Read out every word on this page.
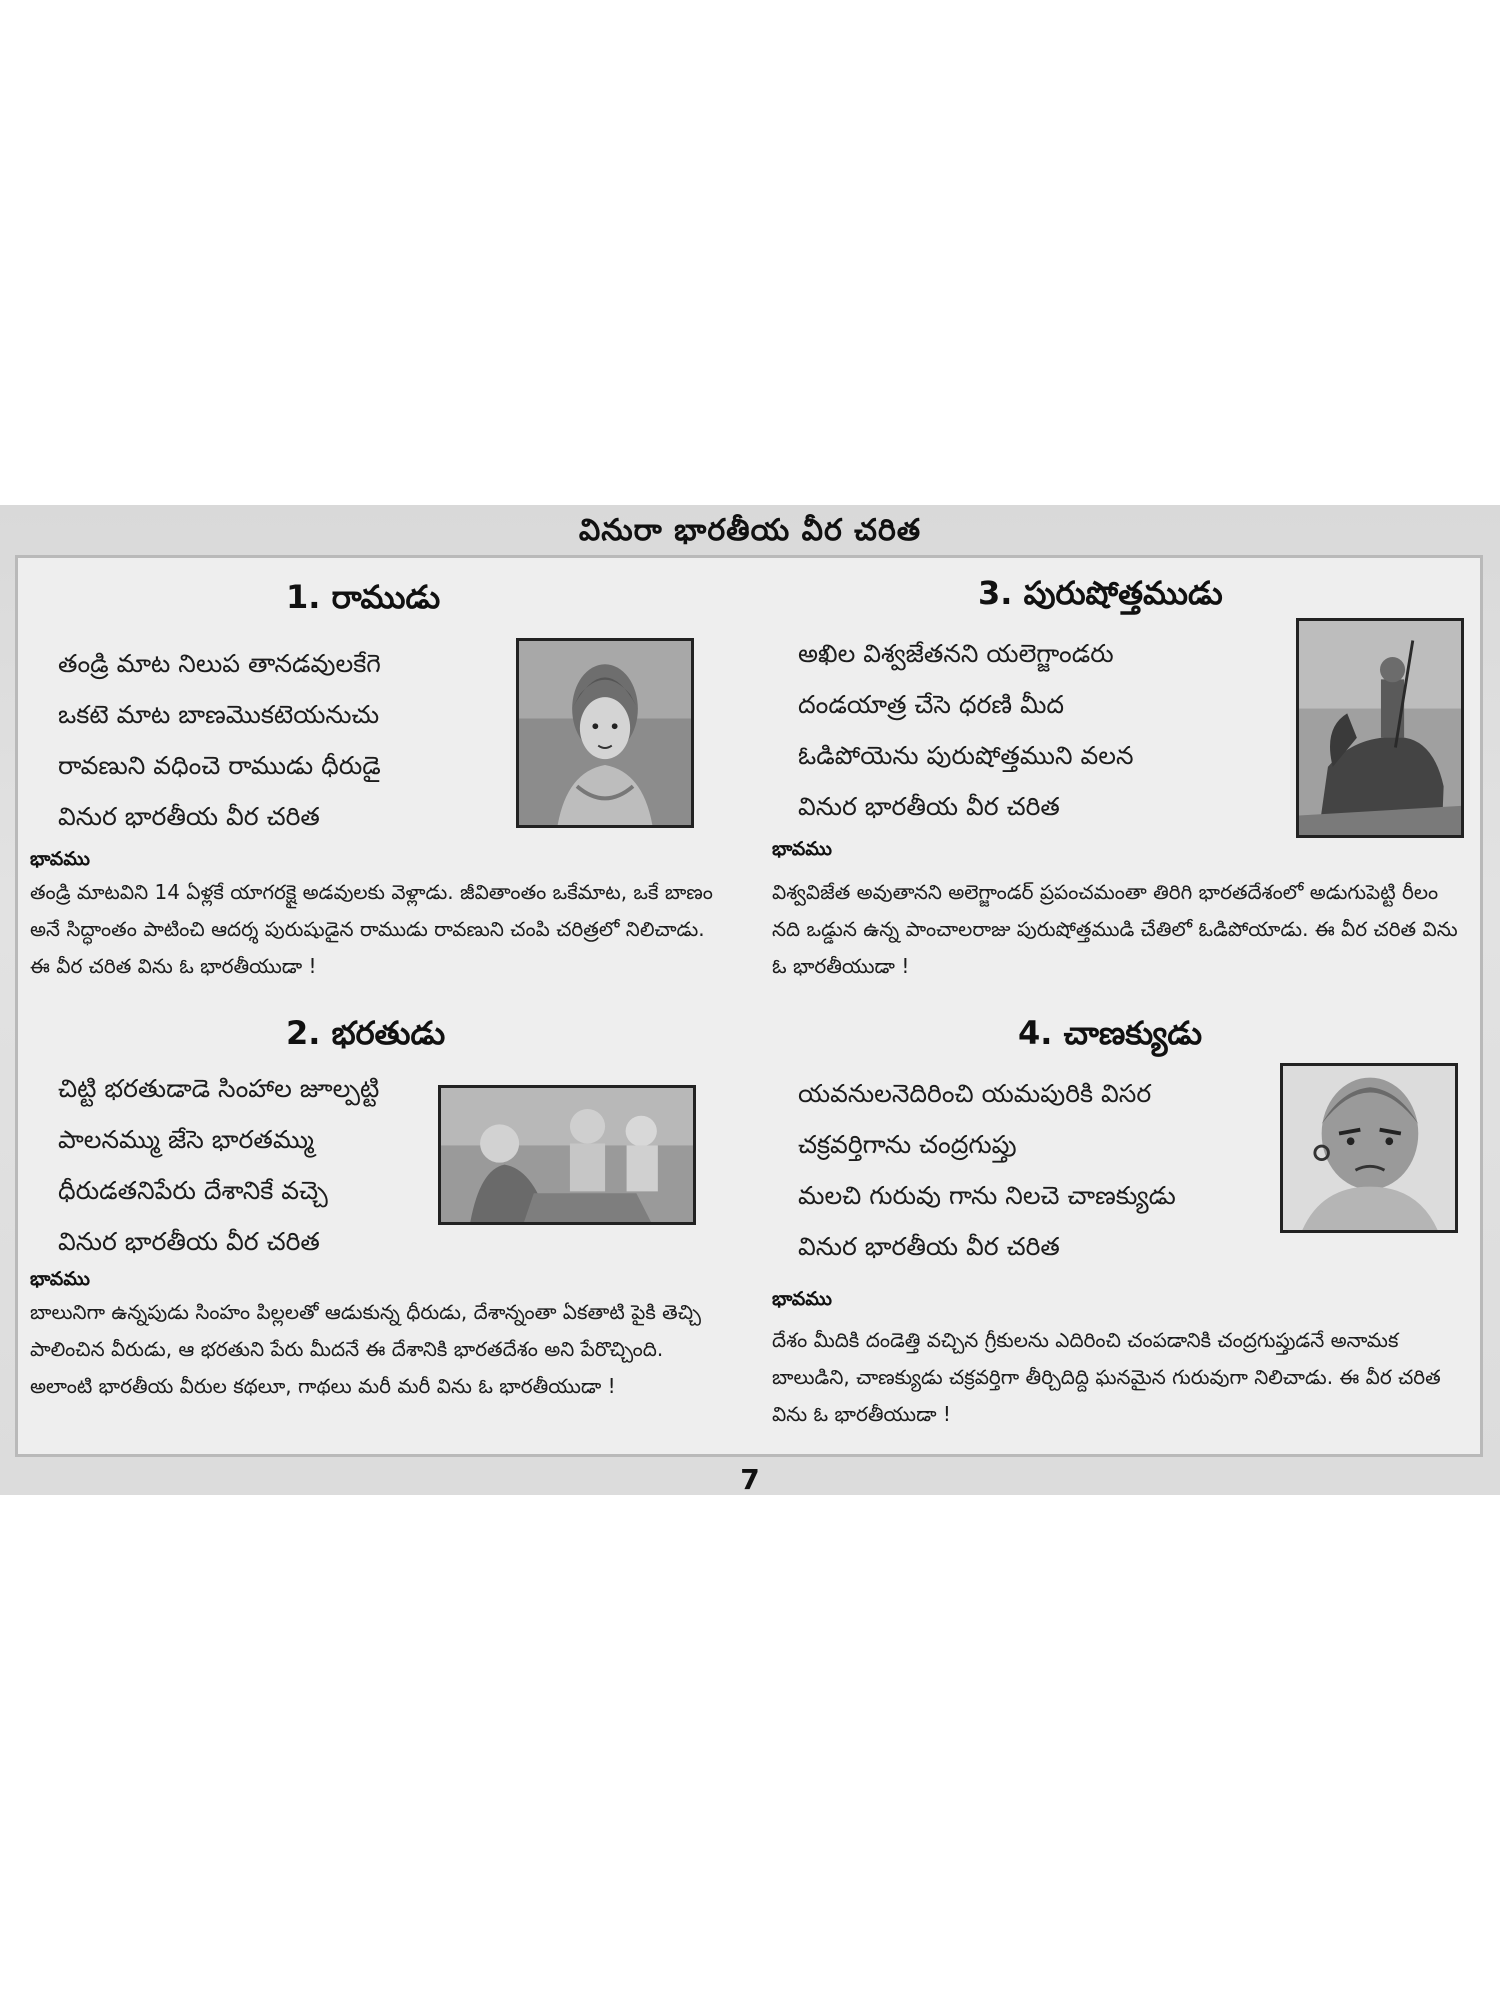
వినురా భారతీయ వీర చరిత
1. రాముడు
తండ్రి మాట నిలుప తానడవులకేగె
ఒకటె మాట బాణమొకటెయనుచు
రావణుని వధించె రాముడు ధీరుడై
వినుర భారతీయ వీర చరిత
భావము
తండ్రి మాటవిని 14 ఏళ్లకే యాగరక్షై అడవులకు వెళ్లాడు. జీవితాంతం ఒకేమాట, ఒకే బాణం అనే సిద్ధాంతం పాటించి ఆదర్శ పురుషుడైన రాముడు రావణుని చంపి చరిత్రలో నిలిచాడు. ఈ వీర చరిత విను ఓ భారతీయుడా !
2. భరతుడు
చిట్టి భరతుడాడె సింహాల జూల్పట్టి
పాలనమ్ము జేసె భారతమ్ము
ధీరుడతనిపేరు దేశానికే వచ్చె
వినుర భారతీయ వీర చరిత
భావము
బాలునిగా ఉన్నపుడు సింహం పిల్లలతో ఆడుకున్న ధీరుడు, దేశాన్నంతా ఏకతాటి పైకి తెచ్చి పాలించిన వీరుడు, ఆ భరతుని పేరు మీదనే ఈ దేశానికి భారతదేశం అని పేరొచ్చింది. అలాంటి భారతీయ వీరుల కథలూ, గాథలు మరీ మరీ విను ఓ భారతీయుడా !
3. పురుషోత్తముడు
అఖిల విశ్వజేతనని యలెగ్జాండరు
దండయాత్ర చేసె ధరణి మీద
ఓడిపోయెను పురుషోత్తముని వలన
వినుర భారతీయ వీర చరిత
భావము
విశ్వవిజేత అవుతానని అలెగ్జాండర్ ప్రపంచమంతా తిరిగి భారతదేశంలో అడుగుపెట్టి రీలం నది ఒడ్డున ఉన్న పాంచాలరాజు పురుషోత్తముడి చేతిలో ఓడిపోయాడు. ఈ వీర చరిత విను ఓ భారతీయుడా !
4. చాణక్యుడు
యవనులనెదిరించి యమపురికి విసర
చక్రవర్తిగాను చంద్రగుప్తు
మలచి గురువు గాను నిలచె చాణక్యుడు
వినుర భారతీయ వీర చరిత
భావము
దేశం మీదికి దండెత్తి వచ్చిన గ్రీకులను ఎదిరించి చంపడానికి చంద్రగుప్తుడనే అనామక బాలుడిని, చాణక్యుడు చక్రవర్తిగా తీర్చిదిద్ది ఘనమైన గురువుగా నిలిచాడు. ఈ వీర చరిత విను ఓ భారతీయుడా !
7
